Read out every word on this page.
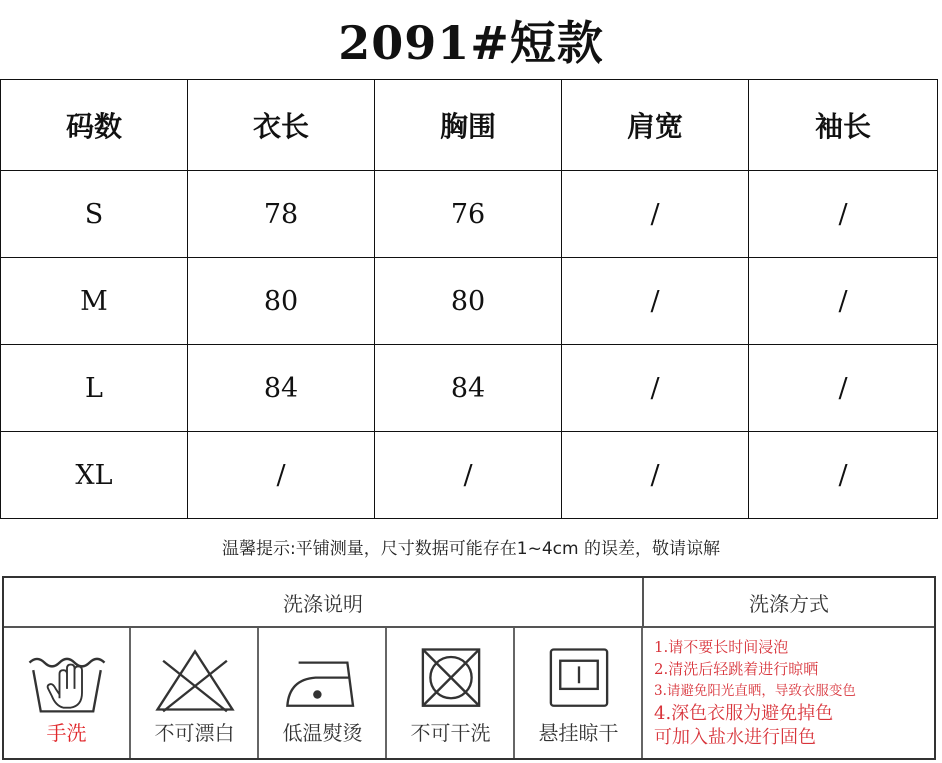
2091#短款
码数	衣长	胸围	肩宽	袖长
S	78	76	/	/
M	80	80	/	/
L	84	84	/	/
XL	/	/	/	/
温馨提示:平铺测量，尺寸数据可能存在1~4cm 的误差，敬请谅解
洗涤说明	洗涤方式
手洗	不可漂白 低温熨烫 不可干洗 悬挂晾干
1.请不要长时间浸泡
2.清洗后轻跳着进行晾晒
3.请避免阳光直晒，导致衣服变色
4.深色衣服为避免掉色
可加入盐水进行固色
